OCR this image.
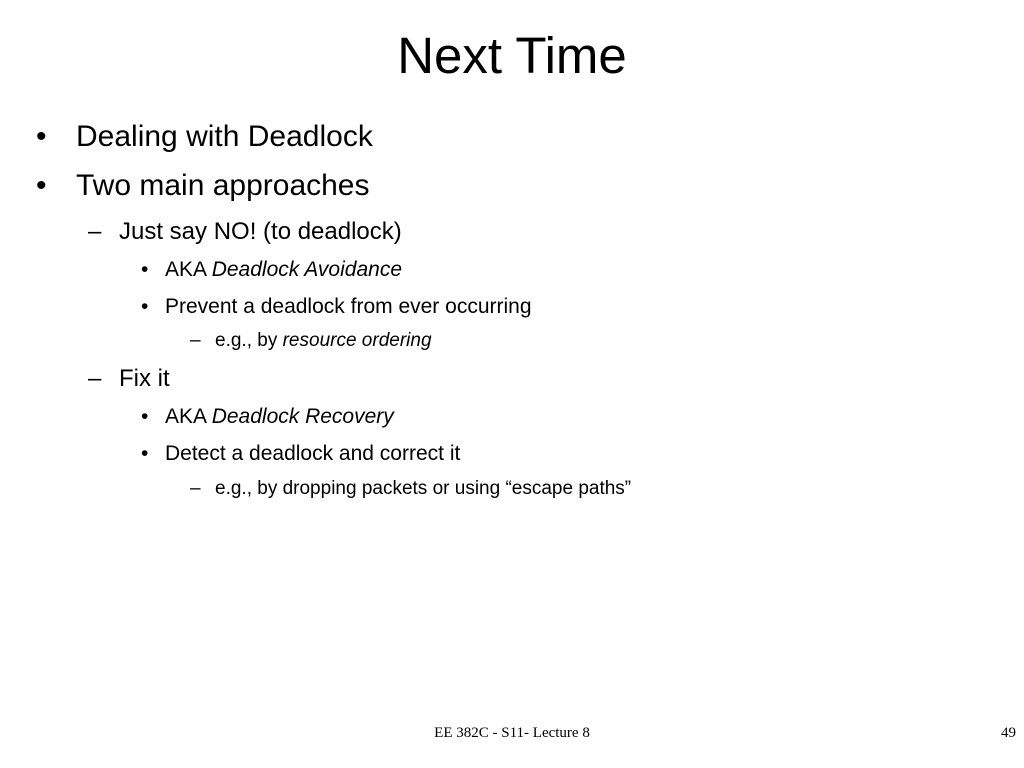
Next Time
• Dealing with Deadlock
• Two main approaches
– Just say NO! (to deadlock)
• AKA Deadlock Avoidance
• Prevent a deadlock from ever occurring
– e.g., by resource ordering
– Fix it
• AKA Deadlock Recovery
• Detect a deadlock and correct it
– e.g., by dropping packets or using “escape paths”
EE 382C - S11- Lecture 8	49
